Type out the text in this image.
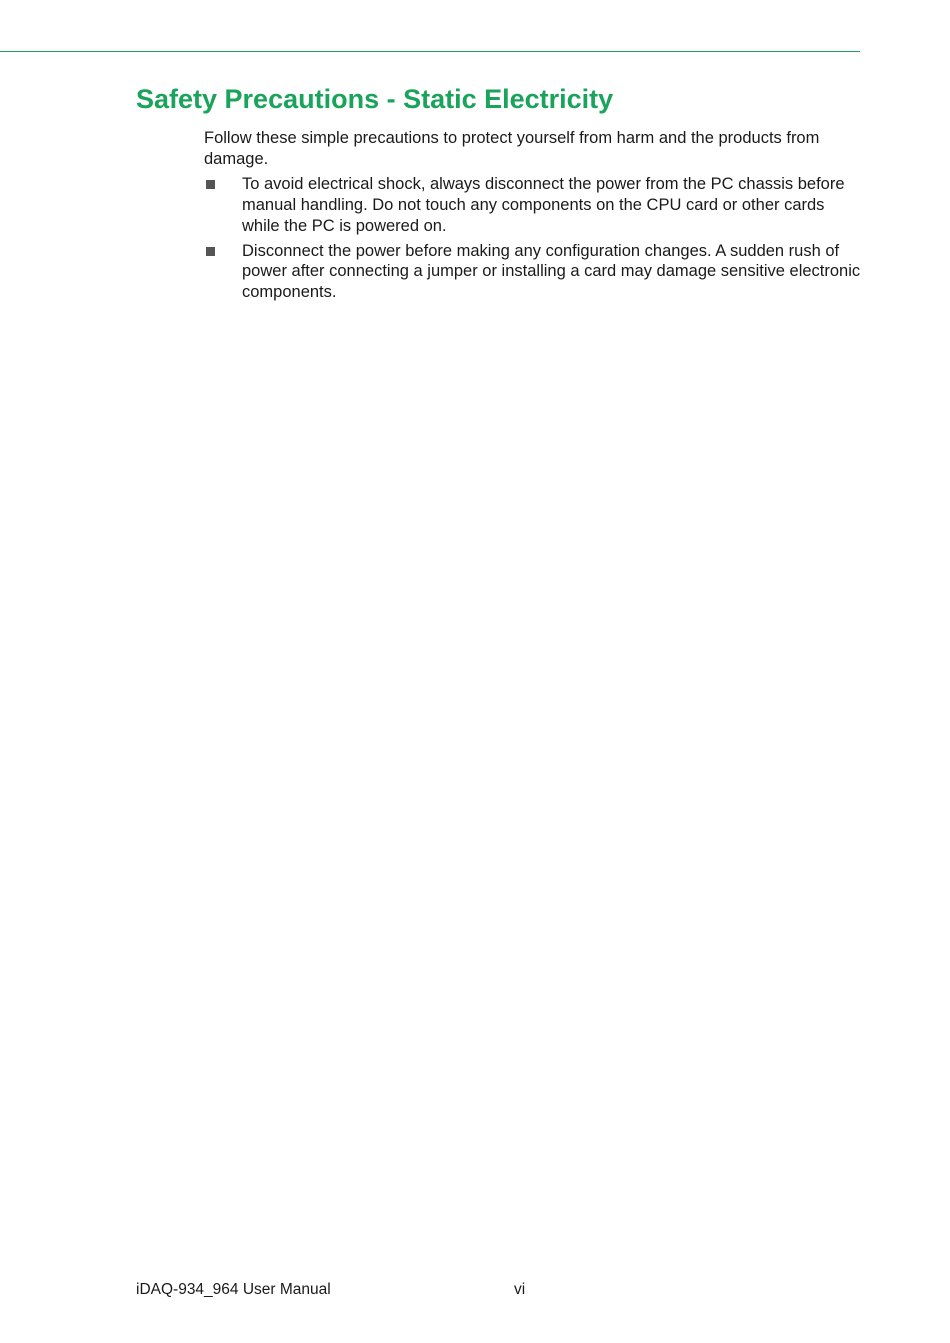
Safety Precautions - Static Electricity

Follow these simple precautions to protect yourself from harm and the products from damage.

To avoid electrical shock, always disconnect the power from the PC chassis before manual handling. Do not touch any components on the CPU card or other cards while the PC is powered on.
Disconnect the power before making any configuration changes. A sudden rush of power after connecting a jumper or installing a card may damage sensitive electronic components.
iDAQ-934_964 User Manual	vi
